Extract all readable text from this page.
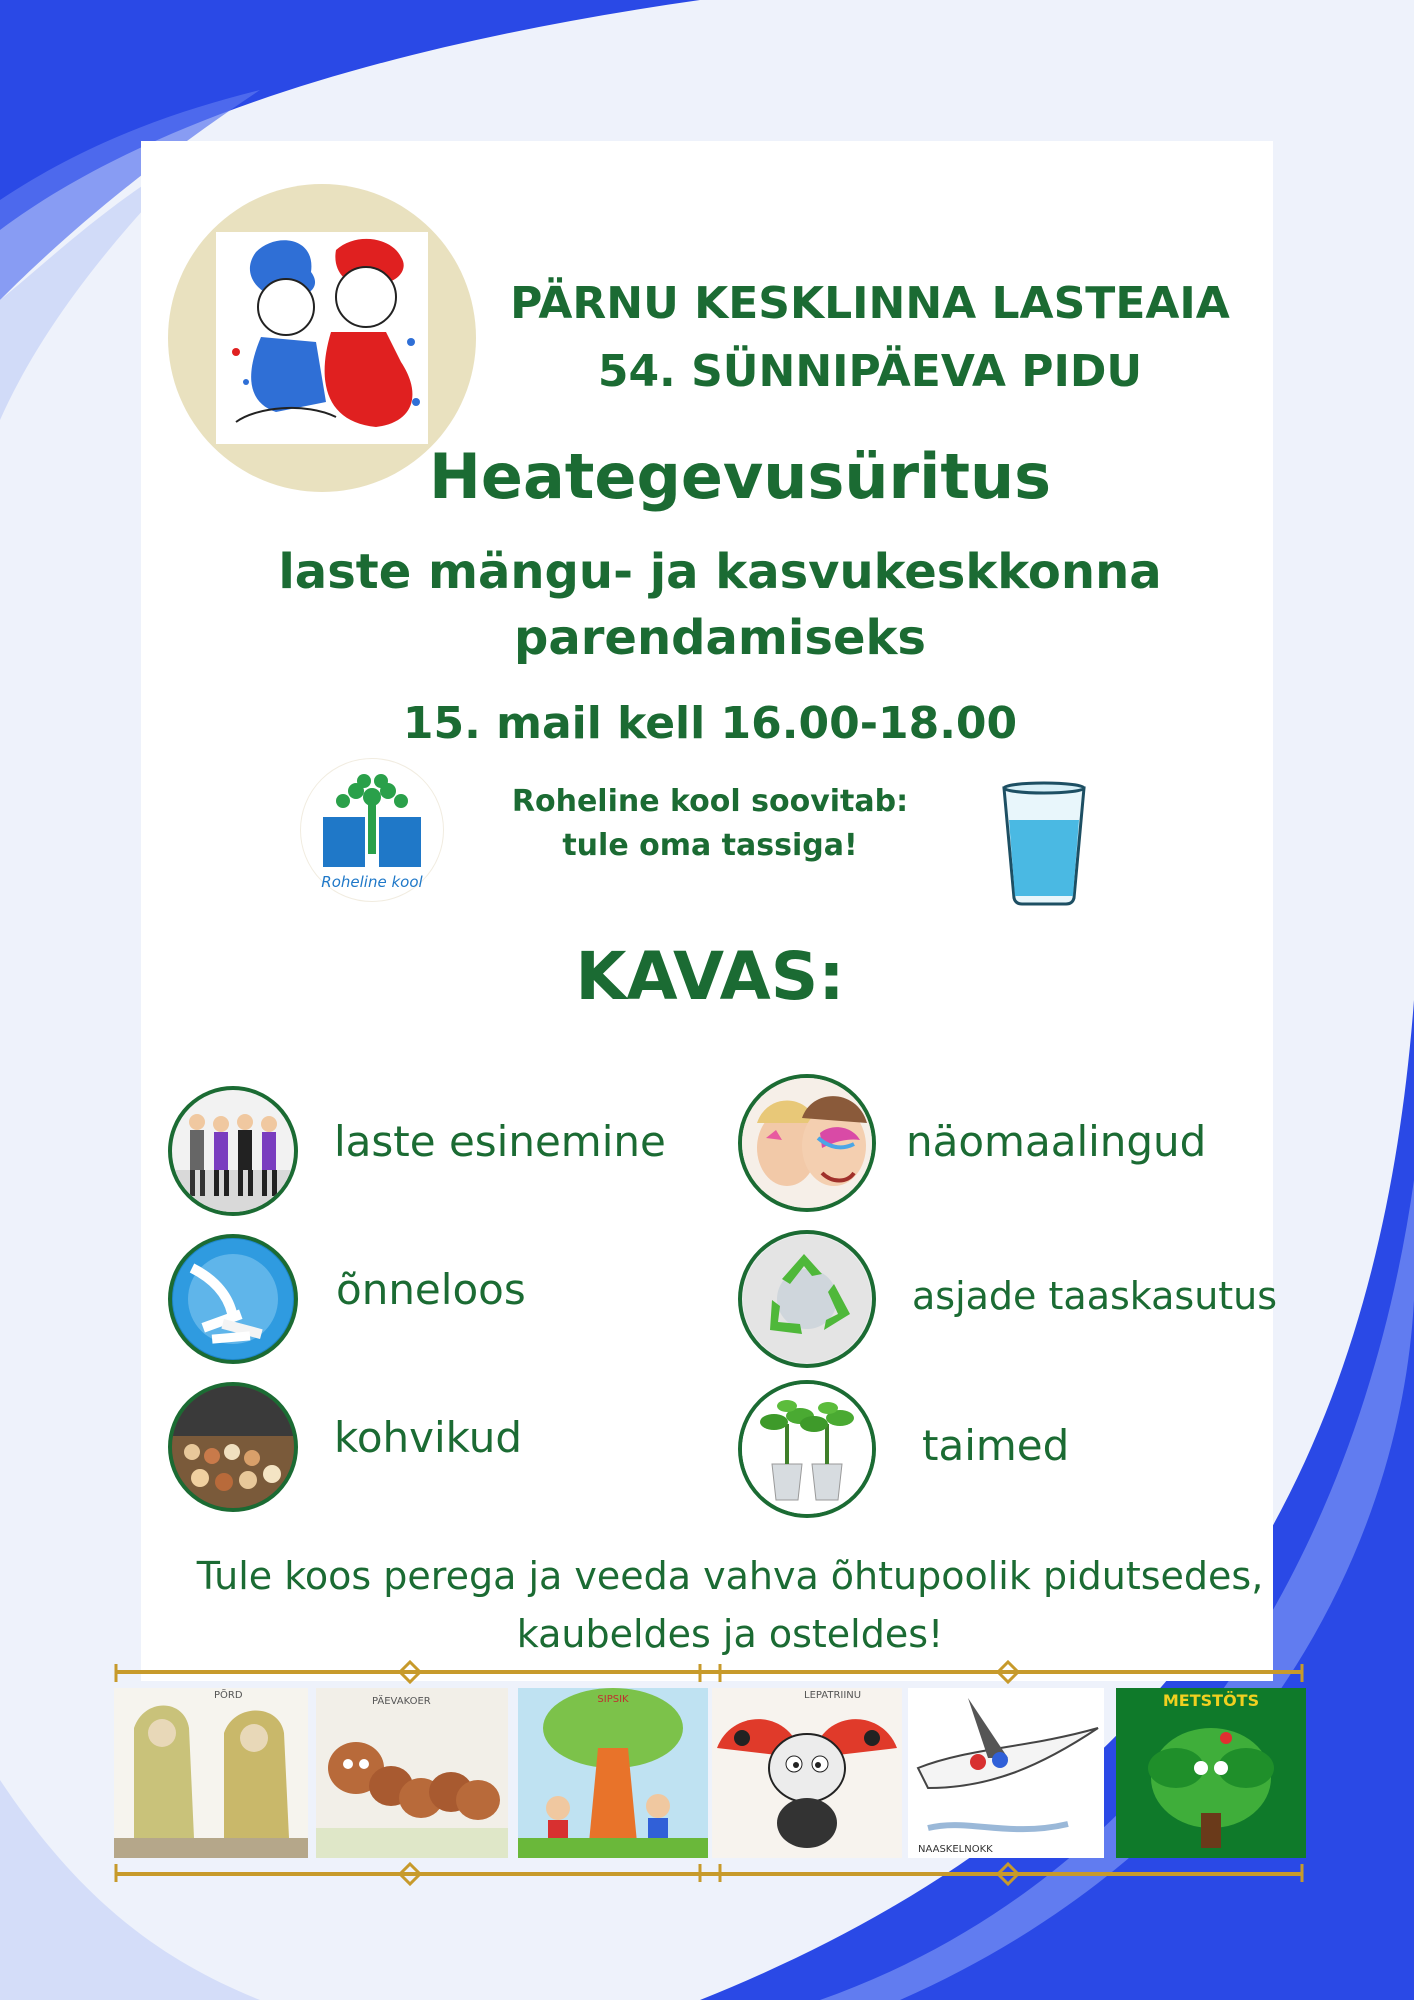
PÄRNU KESKLINNA LASTEAIA
54. SÜNNIPÄEVA PIDU
Heategevusüritus
laste mängu- ja kasvukeskkonna
parendamiseks
15. mail kell 16.00-18.00
Roheline kool
Roheline kool soovitab:
tule oma tassiga!
KAVAS:
laste esinemine
õnneloos
kohvikud
näomaalingud
asjade taaskasutus
taimed
Tule koos perega ja veeda vahva õhtupoolik pidutsedes,
kaubeldes ja osteldes!
PÕRD
PÄEVAKOER	SIPSIK	LEPATRIINU
NAASKELNOKK
METSTÖTS
